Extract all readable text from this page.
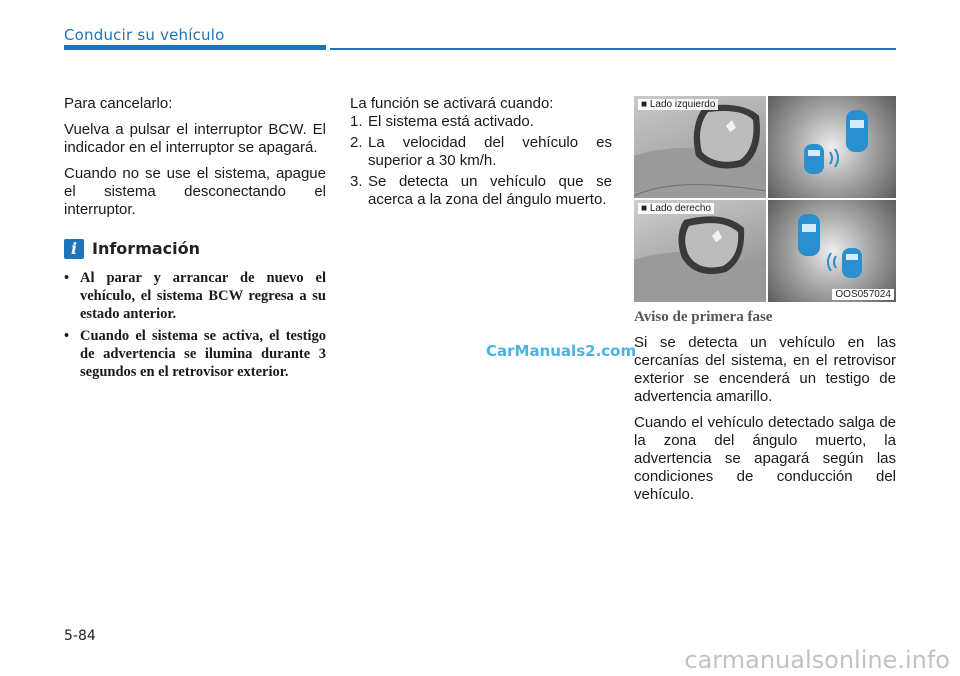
Conducir su vehículo

Para cancelarlo:

Vuelva a pulsar el interruptor BCW. El indicador en el interruptor se apagará.

Cuando no se use el sistema, apague el sistema desconectando el interruptor.

i Información
• Al parar y arrancar de nuevo el vehículo, el sistema BCW regresa a su estado anterior.
• Cuando el sistema se activa, el testigo de advertencia se ilumina durante 3 segundos en el retrovisor exterior.

La función se activará cuando:

1. El sistema está activado.
2. La velocidad del vehículo es superior a 30 km/h.
3. Se detecta un vehículo que se acerca a la zona del ángulo muerto.
■ Lado izquierdo
■ Lado derecho
OOS057024

Aviso de primera fase

Si se detecta un vehículo en las cercanías del sistema, en el retrovisor exterior se encenderá un testigo de advertencia amarillo.

Cuando el vehículo detectado salga de la zona del ángulo muerto, la advertencia se apagará según las condiciones de conducción del vehículo.

CarManuals2.com
5-84
carmanualsonline.info
